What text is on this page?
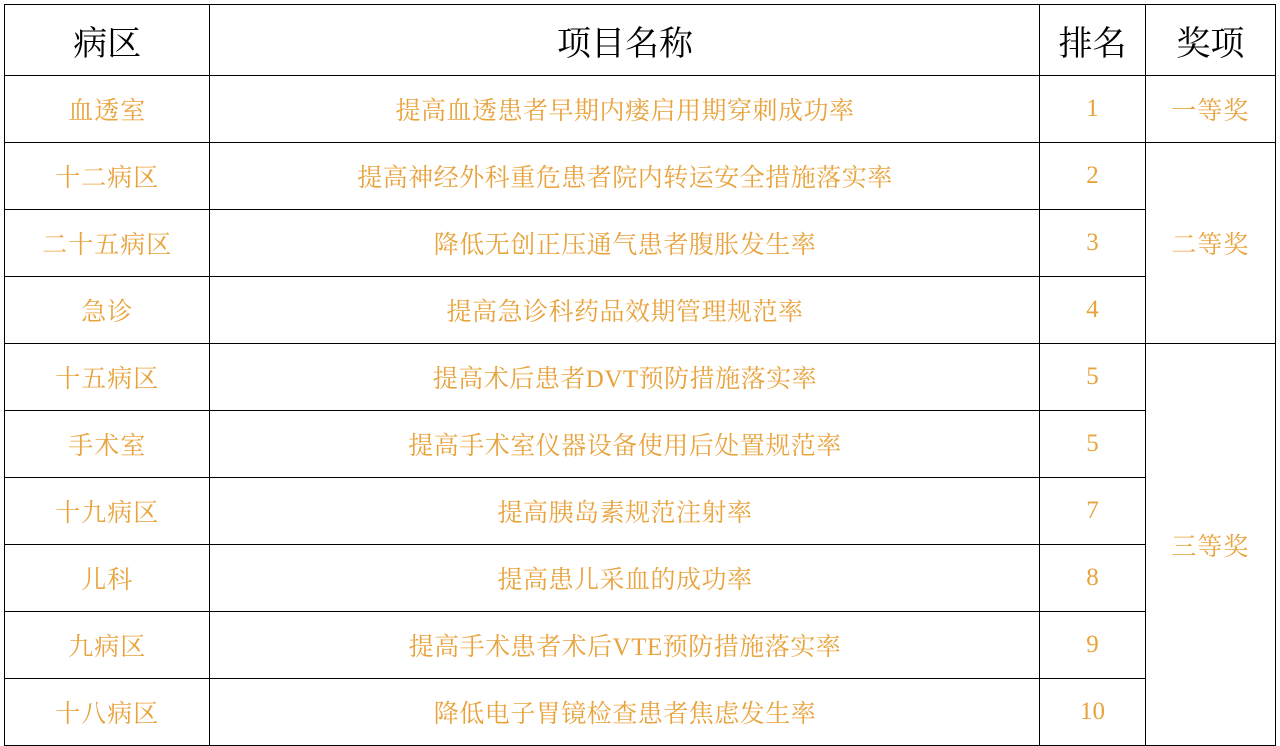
病区	项目名称	排名	奖项
血透室	提高血透患者早期内瘘启用期穿刺成功率	1	一等奖
十二病区	提高神经外科重危患者院内转运安全措施落实率	2	二等奖
二十五病区	降低无创正压通气患者腹胀发生率	3	
急诊	提高急诊科药品效期管理规范率	4	
十五病区	提高术后患者DVT预防措施落实率	5	三等奖
手术室	提高手术室仪器设备使用后处置规范率	5	
十九病区	提高胰岛素规范注射率	7	
儿科	提高患儿采血的成功率	8	
九病区	提高手术患者术后VTE预防措施落实率	9	
十八病区	降低电子胃镜检查患者焦虑发生率	10	
